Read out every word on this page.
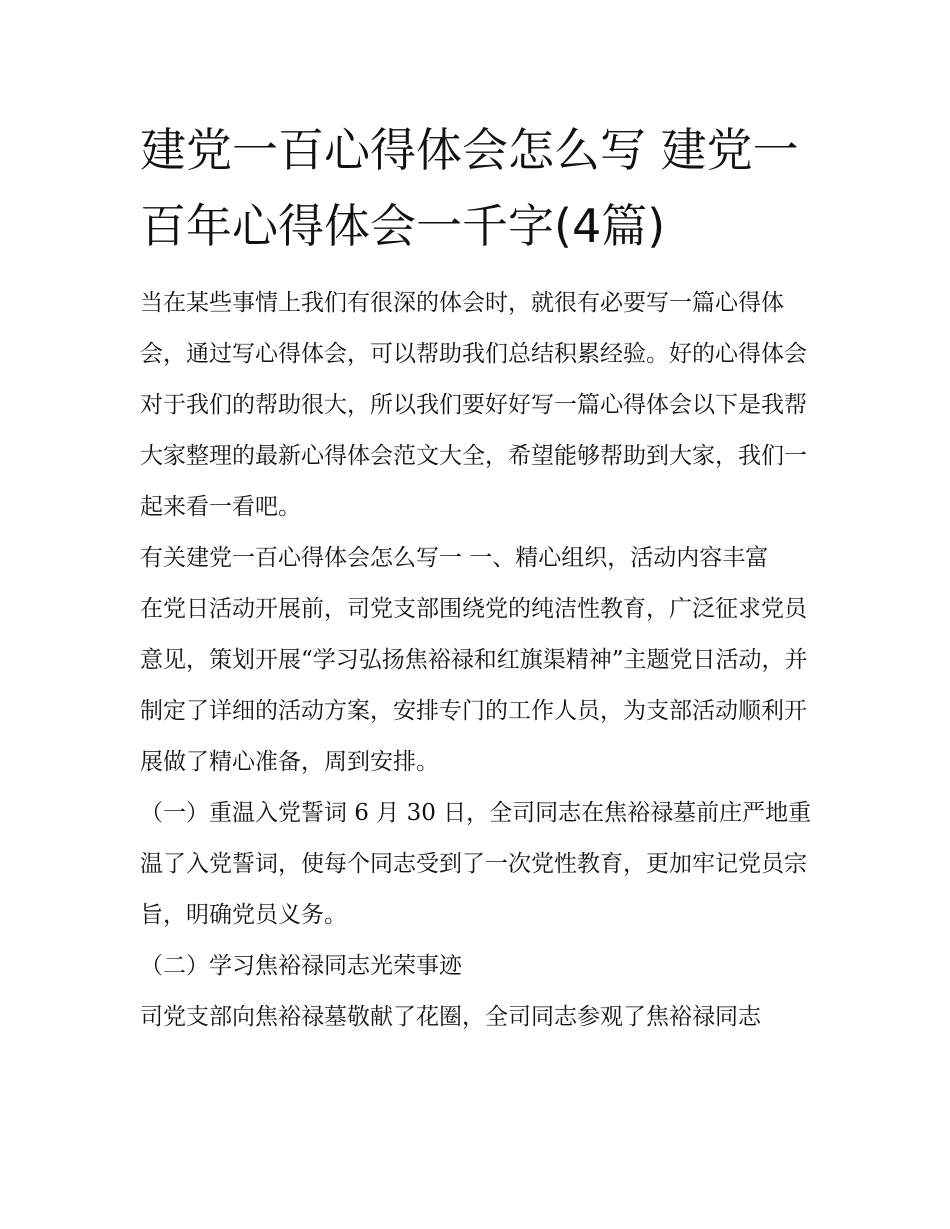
建党一百心得体会怎么写 建党一百年心得体会一千字(4篇)

当在某些事情上我们有很深的体会时，就很有必要写一篇心得体会，通过写心得体会，可以帮助我们总结积累经验。好的心得体会对于我们的帮助很大，所以我们要好好写一篇心得体会以下是我帮大家整理的最新心得体会范文大全，希望能够帮助到大家，我们一起来看一看吧。

有关建党一百心得体会怎么写一 一、精心组织，活动内容丰富

在党日活动开展前，司党支部围绕党的纯洁性教育，广泛征求党员意见，策划开展“学习弘扬焦裕禄和红旗渠精神”主题党日活动，并制定了详细的活动方案，安排专门的工作人员，为支部活动顺利开展做了精心准备，周到安排。

（一）重温入党誓词 6 月 30 日，全司同志在焦裕禄墓前庄严地重温了入党誓词，使每个同志受到了一次党性教育，更加牢记党员宗旨，明确党员义务。

（二）学习焦裕禄同志光荣事迹

司党支部向焦裕禄墓敬献了花圈，全司同志参观了焦裕禄同志
